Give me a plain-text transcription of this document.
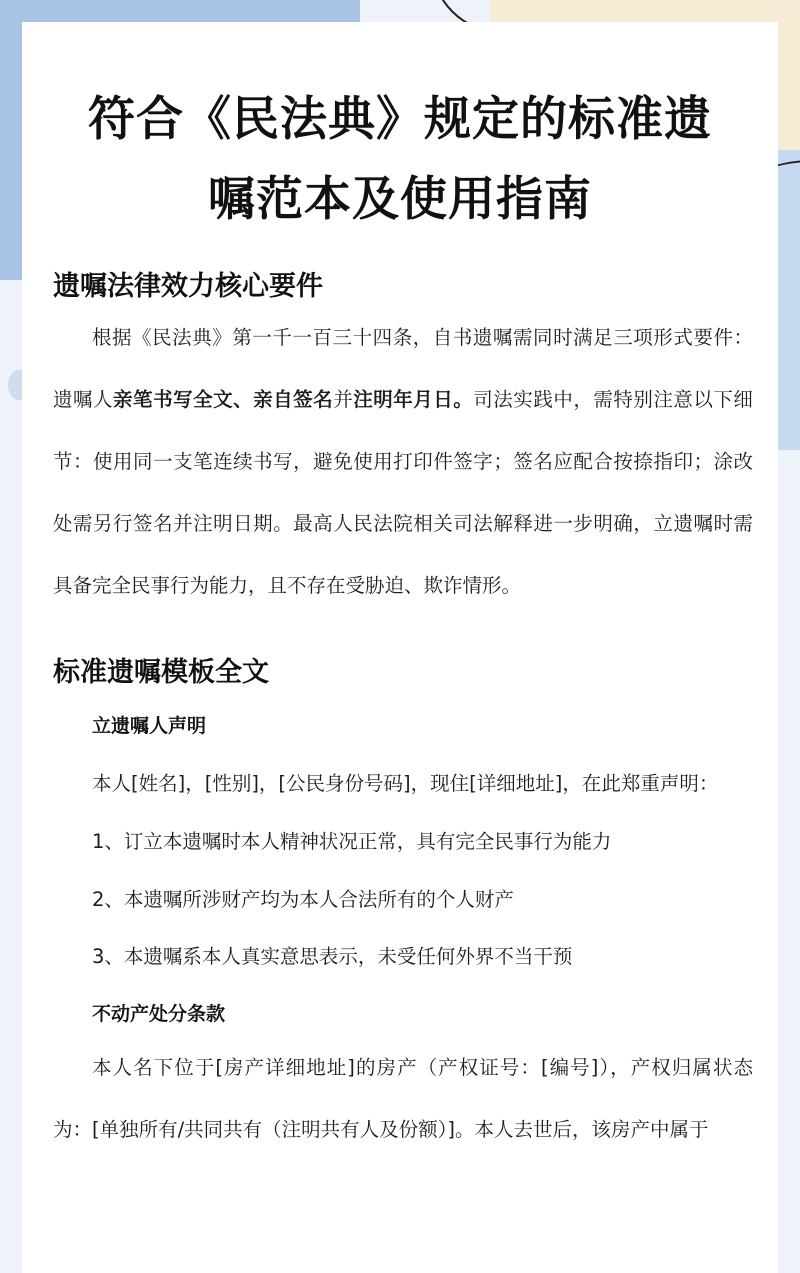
符合《民法典》规定的标准遗
嘱范本及使用指南
遗嘱法律效力核心要件

根据《民法典》第一千一百三十四条，自书遗嘱需同时满足三项形式要件：遗嘱人亲笔书写全文、亲自签名并注明年月日。司法实践中，需特别注意以下细节：使用同一支笔连续书写，避免使用打印件签字；签名应配合按捺指印；涂改处需另行签名并注明日期。最高人民法院相关司法解释进一步明确，立遗嘱时需具备完全民事行为能力，且不存在受胁迫、欺诈情形。

标准遗嘱模板全文
立遗嘱人声明

本人[姓名]，[性别]，[公民身份号码]，现住[详细地址]，在此郑重声明：

1、订立本遗嘱时本人精神状况正常，具有完全民事行为能力

2、本遗嘱所涉财产均为本人合法所有的个人财产

3、本遗嘱系本人真实意思表示，未受任何外界不当干预

不动产处分条款

本人名下位于[房产详细地址]的房产（产权证号：[编号]），产权归属状态为：[单独所有/共同共有（注明共有人及份额）]。本人去世后，该房产中属于
